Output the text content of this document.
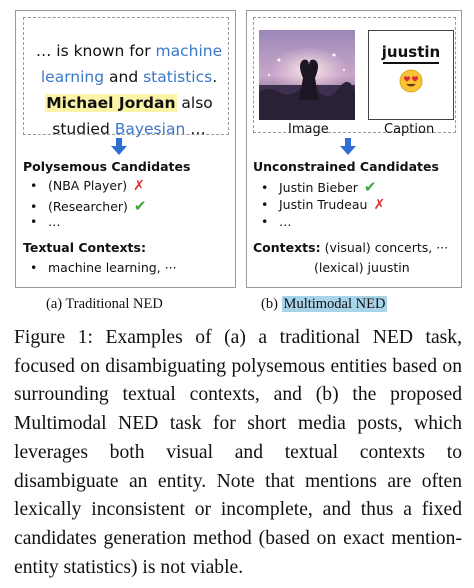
… is known for machine
learning and statistics.
Michael Jordan also studied Bayesian …
Polysemous Candidates
• (NBA Player) ✗
• (Researcher) ✔
• …
Textual Contexts:
• machine learning, ···
juustin
Image	Caption
Unconstrained Candidates
• Justin Bieber ✔
• Justin Trudeau ✗
• …
Contexts: (visual) concerts, ···
(lexical) juustin
(a) Traditional NED	(b) Multimodal NED

Figure 1: Examples of (a) a traditional NED task, focused on disambiguating polysemous entities based on surrounding textual contexts, and (b) the proposed Multimodal NED task for short media posts, which leverages both visual and textual contexts to disambiguate an entity. Note that mentions are often lexically inconsistent or incomplete, and thus a fixed candidates generation method (based on exact mention-entity statistics) is not viable.
